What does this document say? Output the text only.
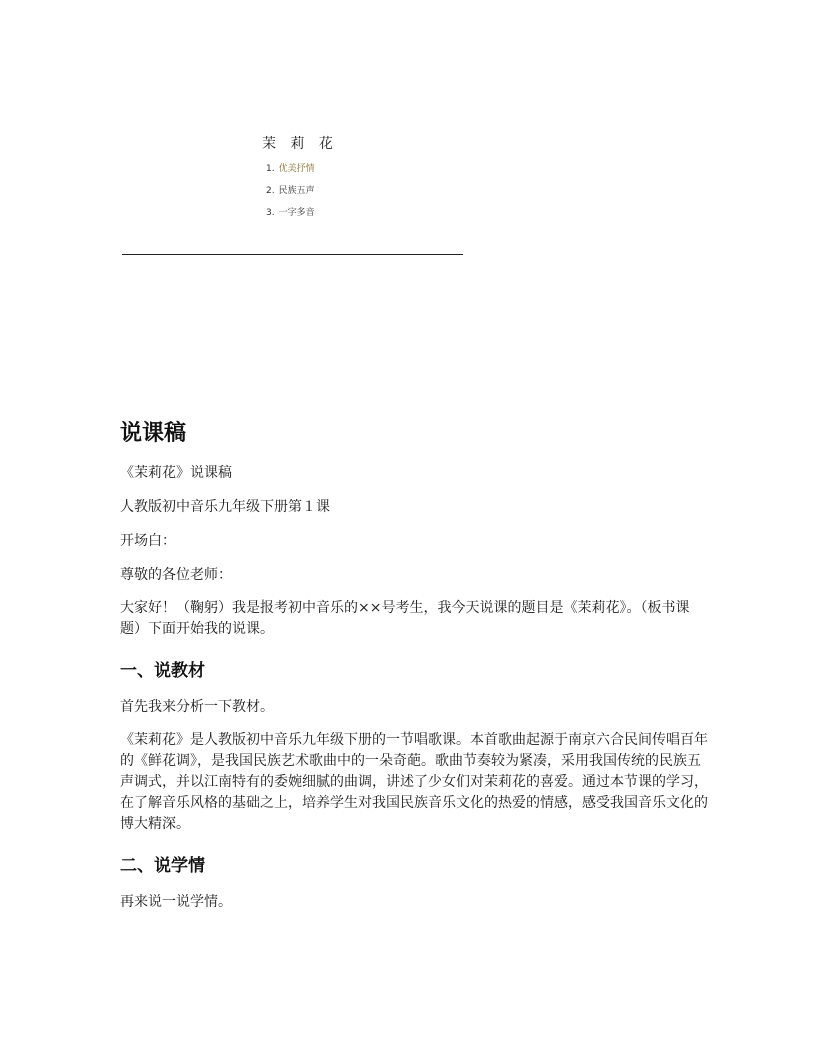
茉 莉 花
1. 优美抒情
2. 民族五声
3. 一字多音
说课稿

《茉莉花》说课稿

人教版初中音乐九年级下册第１课

开场白：

尊敬的各位老师：

大家好！（鞠躬）我是报考初中音乐的××号考生，我今天说课的题目是《茉莉花》。（板书课题）下面开始我的说课。

一、说教材

首先我来分析一下教材。

《茉莉花》是人教版初中音乐九年级下册的一节唱歌课。本首歌曲起源于南京六合民间传唱百年的《鲜花调》，是我国民族艺术歌曲中的一朵奇葩。歌曲节奏较为紧凑，采用我国传统的民族五声调式，并以江南特有的委婉细腻的曲调，讲述了少女们对茉莉花的喜爱。通过本节课的学习，在了解音乐风格的基础之上，培养学生对我国民族音乐文化的热爱的情感，感受我国音乐文化的博大精深。

二、说学情

再来说一说学情。
